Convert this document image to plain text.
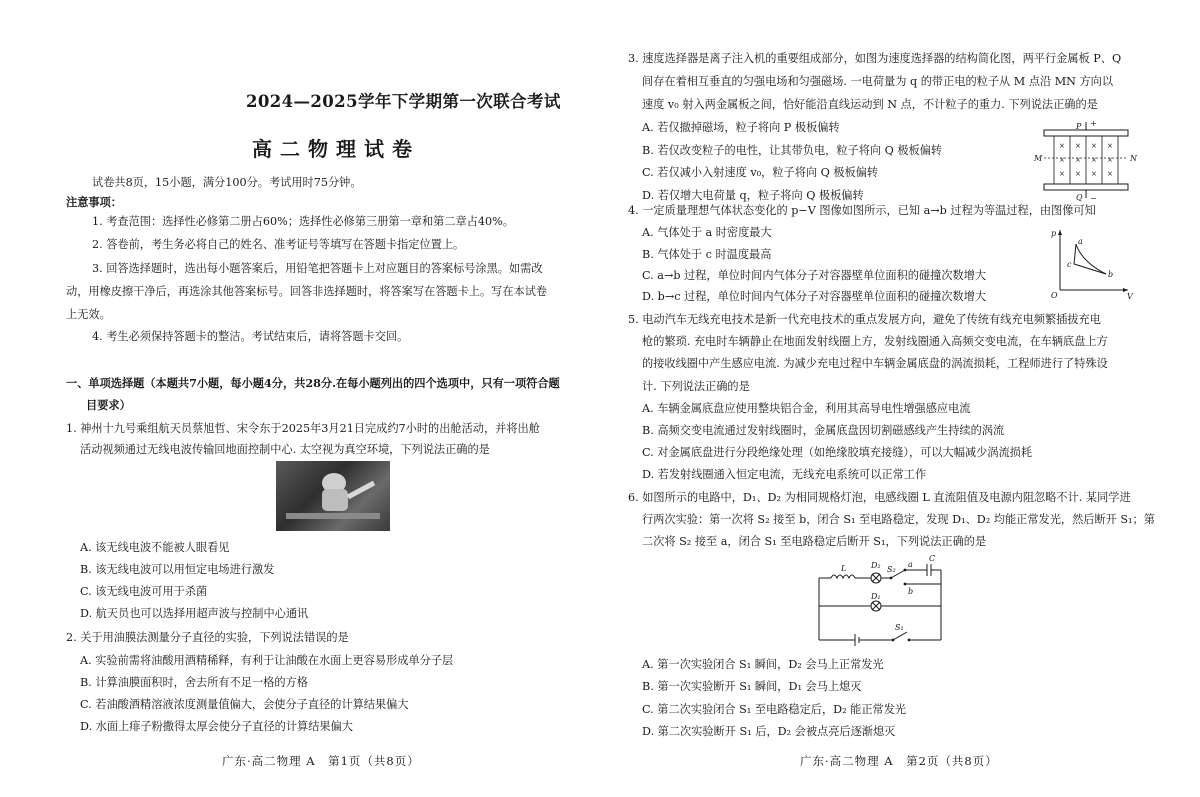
2024—2025学年下学期第一次联合考试
高二物理试卷
试卷共8页，15小题，满分100分。考试用时75分钟。
注意事项：
1. 考查范围：选择性必修第二册占60%；选择性必修第三册第一章和第二章占40%。
2. 答卷前，考生务必将自己的姓名、准考证号等填写在答题卡指定位置上。
3. 回答选择题时，选出每小题答案后，用铅笔把答题卡上对应题目的答案标号涂黑。如需改
动，用橡皮擦干净后，再选涂其他答案标号。回答非选择题时，将答案写在答题卡上。写在本试卷
上无效。
4. 考生必须保持答题卡的整洁。考试结束后，请将答题卡交回。
一、单项选择题（本题共7小题，每小题4分，共28分.在每小题列出的四个选项中，只有一项符合题
目要求）
1. 神州十九号乘组航天员蔡旭哲、宋令东于2025年3月21日完成约7小时的出舱活动，并将出舱
活动视频通过无线电波传输回地面控制中心. 太空视为真空环境，下列说法正确的是
A. 该无线电波不能被人眼看见
B. 该无线电波可以用恒定电场进行激发
C. 该无线电波可用于杀菌
D. 航天员也可以选择用超声波与控制中心通讯
2. 关于用油膜法测量分子直径的实验，下列说法错误的是
A. 实验前需将油酸用酒精稀释，有利于让油酸在水面上更容易形成单分子层
B. 计算油膜面积时，舍去所有不足一格的方格
C. 若油酸酒精溶液浓度测量值偏大，会使分子直径的计算结果偏大
D. 水面上痱子粉撒得太厚会使分子直径的计算结果偏大
广东·高二物理 A　第1页（共8页）
3. 速度选择器是离子注入机的重要组成部分，如图为速度选择器的结构简化图，两平行金属板 P、Q
间存在着相互垂直的匀强电场和匀强磁场. 一电荷量为 q 的带正电的粒子从 M 点沿 MN 方向以
速度 v₀ 射入两金属板之间，恰好能沿直线运动到 N 点，不计粒子的重力. 下列说法正确的是
A. 若仅撤掉磁场，粒子将向 P 极板偏转
B. 若仅改变粒子的电性，让其带负电，粒子将向 Q 极板偏转
C. 若仅减小入射速度 v₀，粒子将向 Q 极板偏转
D. 若仅增大电荷量 q，粒子将向 Q 极板偏转
× × × ×
× × × ×
× × × ×
P +
Q −
M	N
4. 一定质量理想气体状态变化的 p−V 图像如图所示，已知 a→b 过程为等温过程，由图像可知
A. 气体处于 a 时密度最大
B. 气体处于 c 时温度最高
C. a→b 过程，单位时间内气体分子对容器壁单位面积的碰撞次数增大
D. b→c 过程，单位时间内气体分子对容器壁单位面积的碰撞次数增大
p
V
O
a
b
c
5. 电动汽车无线充电技术是新一代充电技术的重点发展方向，避免了传统有线充电频繁插拔充电
枪的繁琐. 充电时车辆静止在地面发射线圈上方，发射线圈通入高频交变电流，在车辆底盘上方
的接收线圈中产生感应电流. 为减少充电过程中车辆金属底盘的涡流损耗，工程师进行了特殊设
计. 下列说法正确的是
A. 车辆金属底盘应使用整块铝合金，利用其高导电性增强感应电流
B. 高频交变电流通过发射线圈时，金属底盘因切割磁感线产生持续的涡流
C. 对金属底盘进行分段绝缘处理（如绝缘胶填充接缝），可以大幅减少涡流损耗
D. 若发射线圈通入恒定电流，无线充电系统可以正常工作
6. 如图所示的电路中，D₁、D₂ 为相同规格灯泡，电感线圈 L 直流阻值及电源内阻忽略不计. 某同学进
行两次实验：第一次将 S₂ 接至 b，闭合 S₁ 至电路稳定，发现 D₁、D₂ 均能正常发光，然后断开 S₁；第
二次将 S₂ 接至 a，闭合 S₁ 至电路稳定后断开 S₁，下列说法正确的是
L	D₂ S₂
a
b
C
D₁
S₁
A. 第一次实验闭合 S₁ 瞬间，D₂ 会马上正常发光
B. 第一次实验断开 S₁ 瞬间，D₁ 会马上熄灭
C. 第二次实验闭合 S₁ 至电路稳定后，D₂ 能正常发光
D. 第二次实验断开 S₁ 后，D₂ 会被点亮后逐渐熄灭
广东·高二物理 A　第2页（共8页）
